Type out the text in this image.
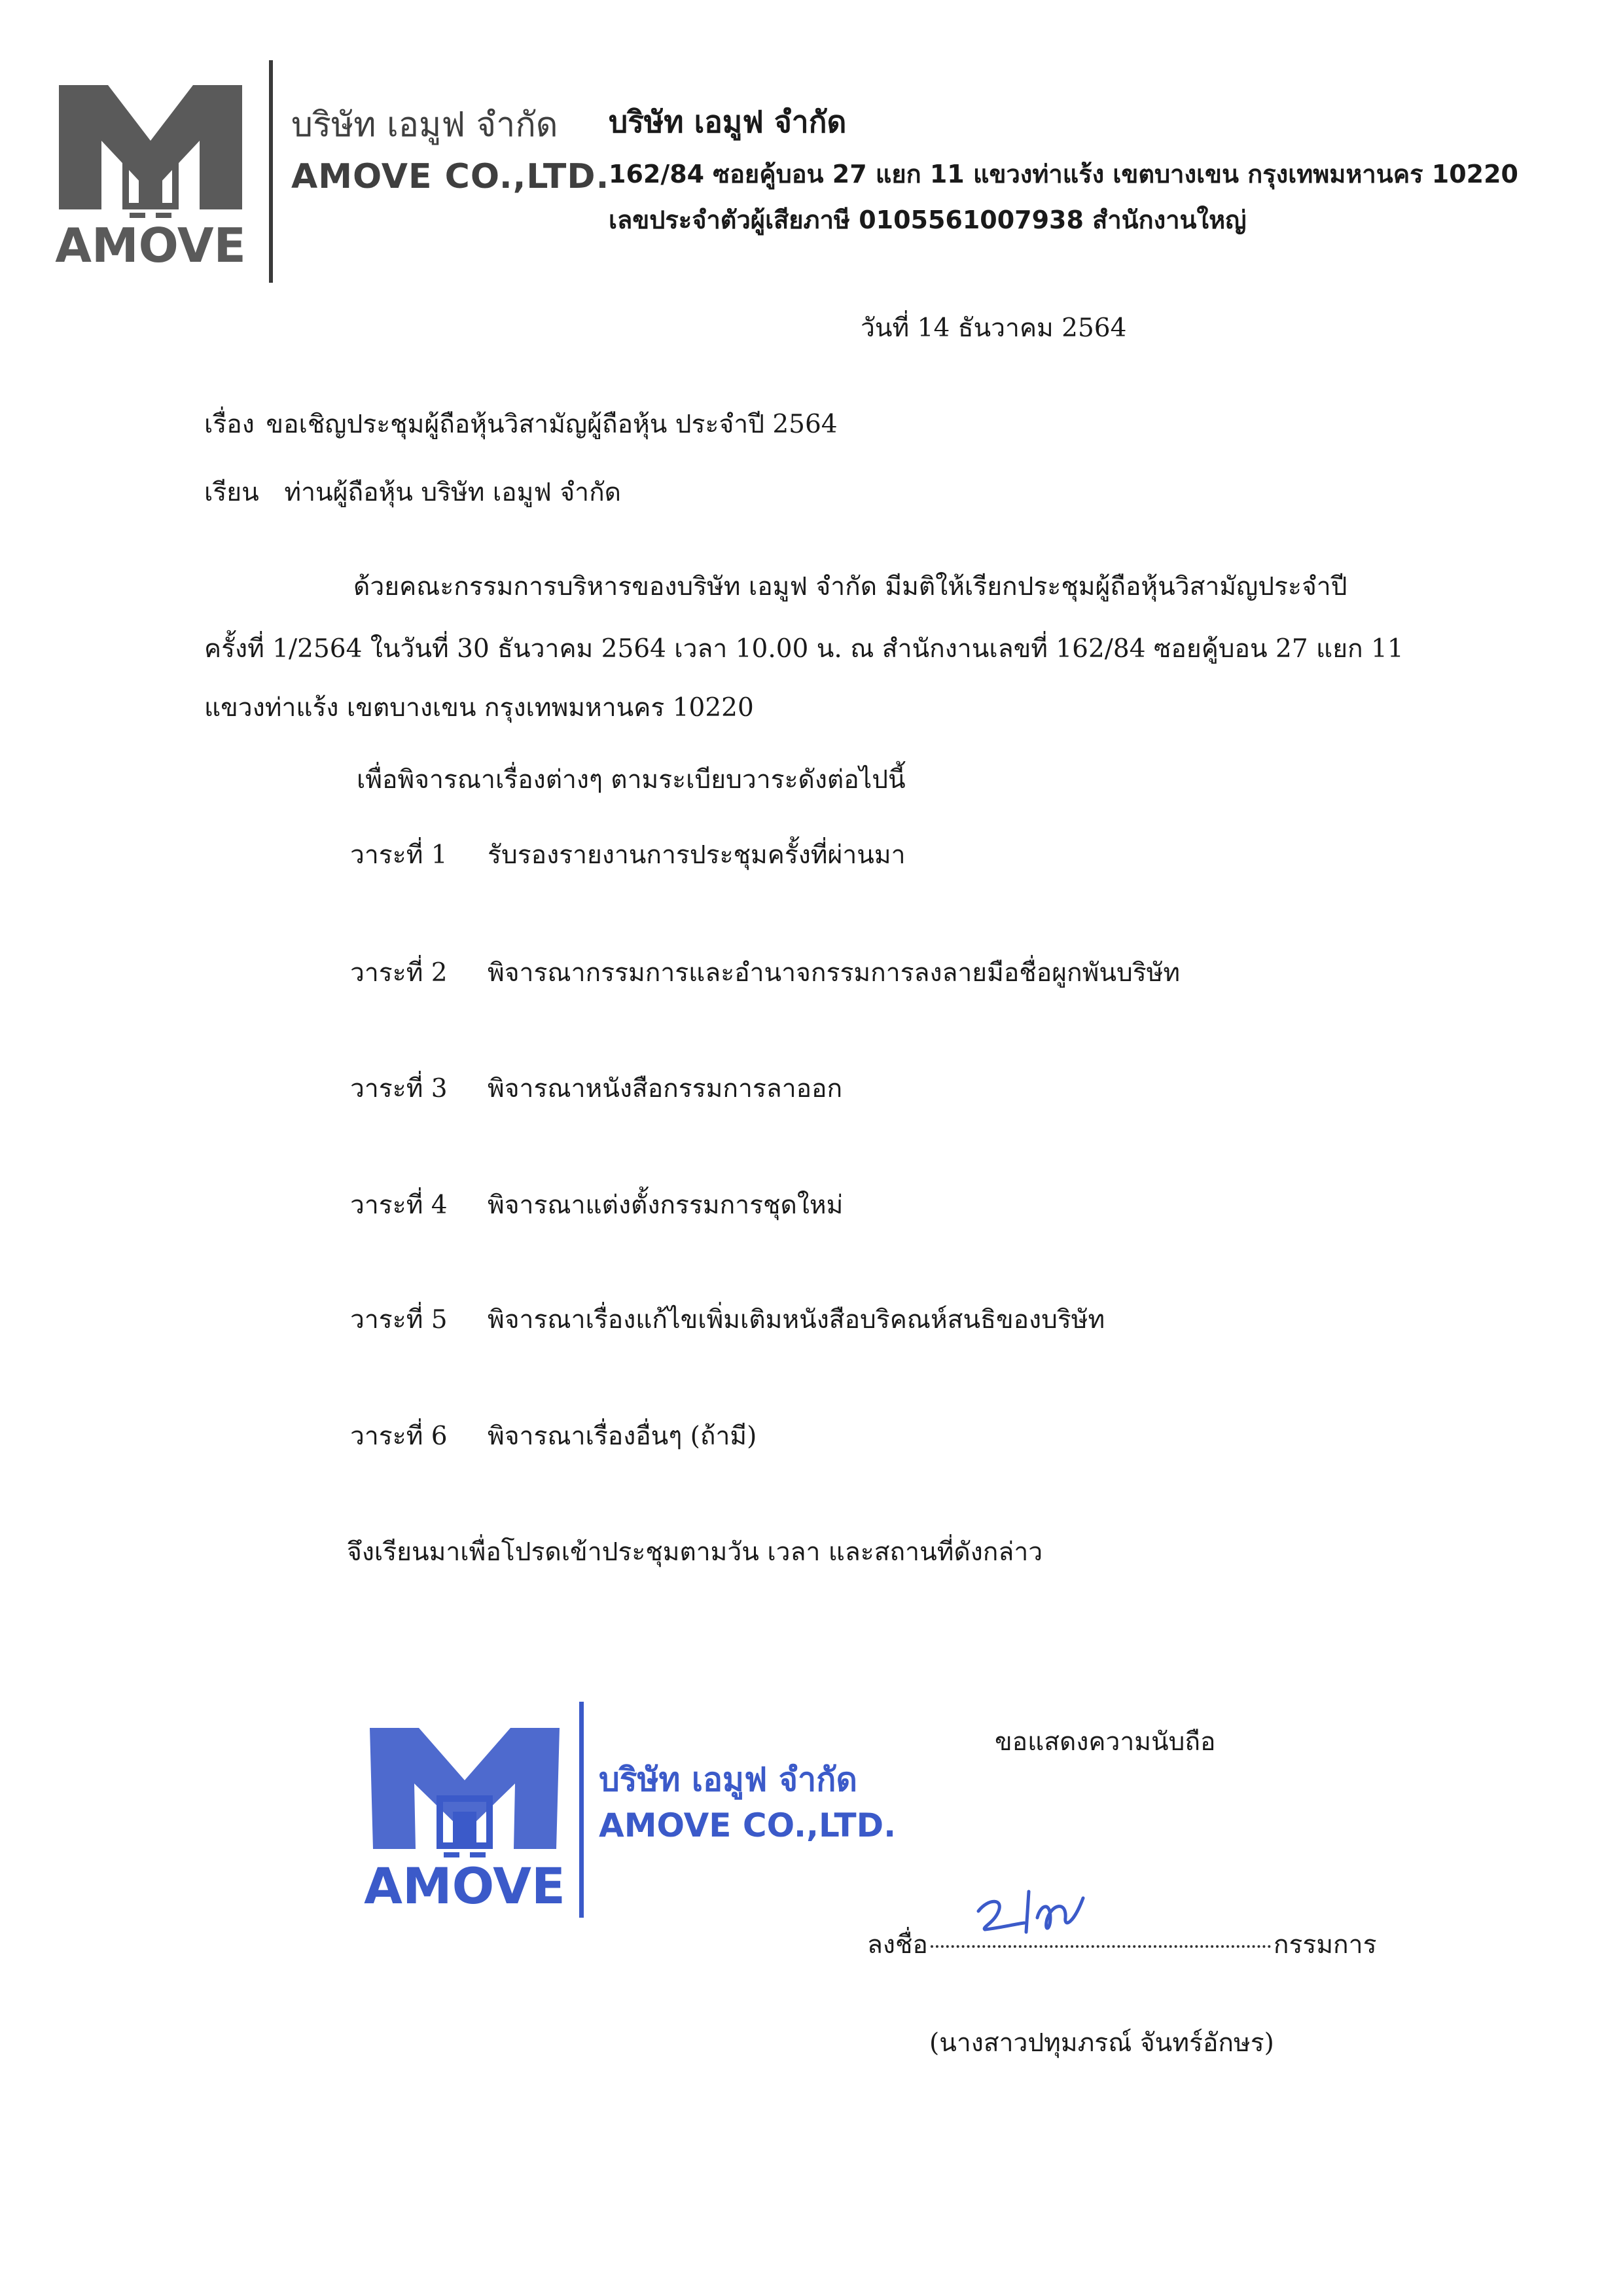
AMOVE
บริษัท เอมูฟ จำกัด
AMOVE CO.,LTD.
บริษัท เอมูฟ จำกัด
162/84 ซอยคู้บอน 27 แยก 11 แขวงท่าแร้ง เขตบางเขน กรุงเทพมหานคร 10220
เลขประจำตัวผู้เสียภาษี 0105561007938 สำนักงานใหญ่
วันที่ 14 ธันวาคม 2564
เรื่อง ขอเชิญประชุมผู้ถือหุ้นวิสามัญผู้ถือหุ้น ประจำปี 2564
เรียน ท่านผู้ถือหุ้น บริษัท เอมูฟ จำกัด
ด้วยคณะกรรมการบริหารของบริษัท เอมูฟ จำกัด มีมติให้เรียกประชุมผู้ถือหุ้นวิสามัญประจำปี
ครั้งที่ 1/2564 ในวันที่ 30 ธันวาคม 2564 เวลา 10.00 น. ณ สำนักงานเลขที่ 162/84 ซอยคู้บอน 27 แยก 11
แขวงท่าแร้ง เขตบางเขน กรุงเทพมหานคร 10220
เพื่อพิจารณาเรื่องต่างๆ ตามระเบียบวาระดังต่อไปนี้
วาระที่ 1 รับรองรายงานการประชุมครั้งที่ผ่านมา
วาระที่ 2 พิจารณากรรมการและอำนาจกรรมการลงลายมือชื่อผูกพันบริษัท
วาระที่ 3 พิจารณาหนังสือกรรมการลาออก
วาระที่ 4 พิจารณาแต่งตั้งกรรมการชุดใหม่
วาระที่ 5 พิจารณาเรื่องแก้ไขเพิ่มเติมหนังสือบริคณห์สนธิของบริษัท
วาระที่ 6 พิจารณาเรื่องอื่นๆ (ถ้ามี)
จึงเรียนมาเพื่อโปรดเข้าประชุมตามวัน เวลา และสถานที่ดังกล่าว
AMOVE
บริษัท เอมูฟ จำกัด
AMOVE CO.,LTD.
ขอแสดงความนับถือ
ลงชื่อ	กรรมการ
(นางสาวปทุมภรณ์ จันทร์อักษร)
